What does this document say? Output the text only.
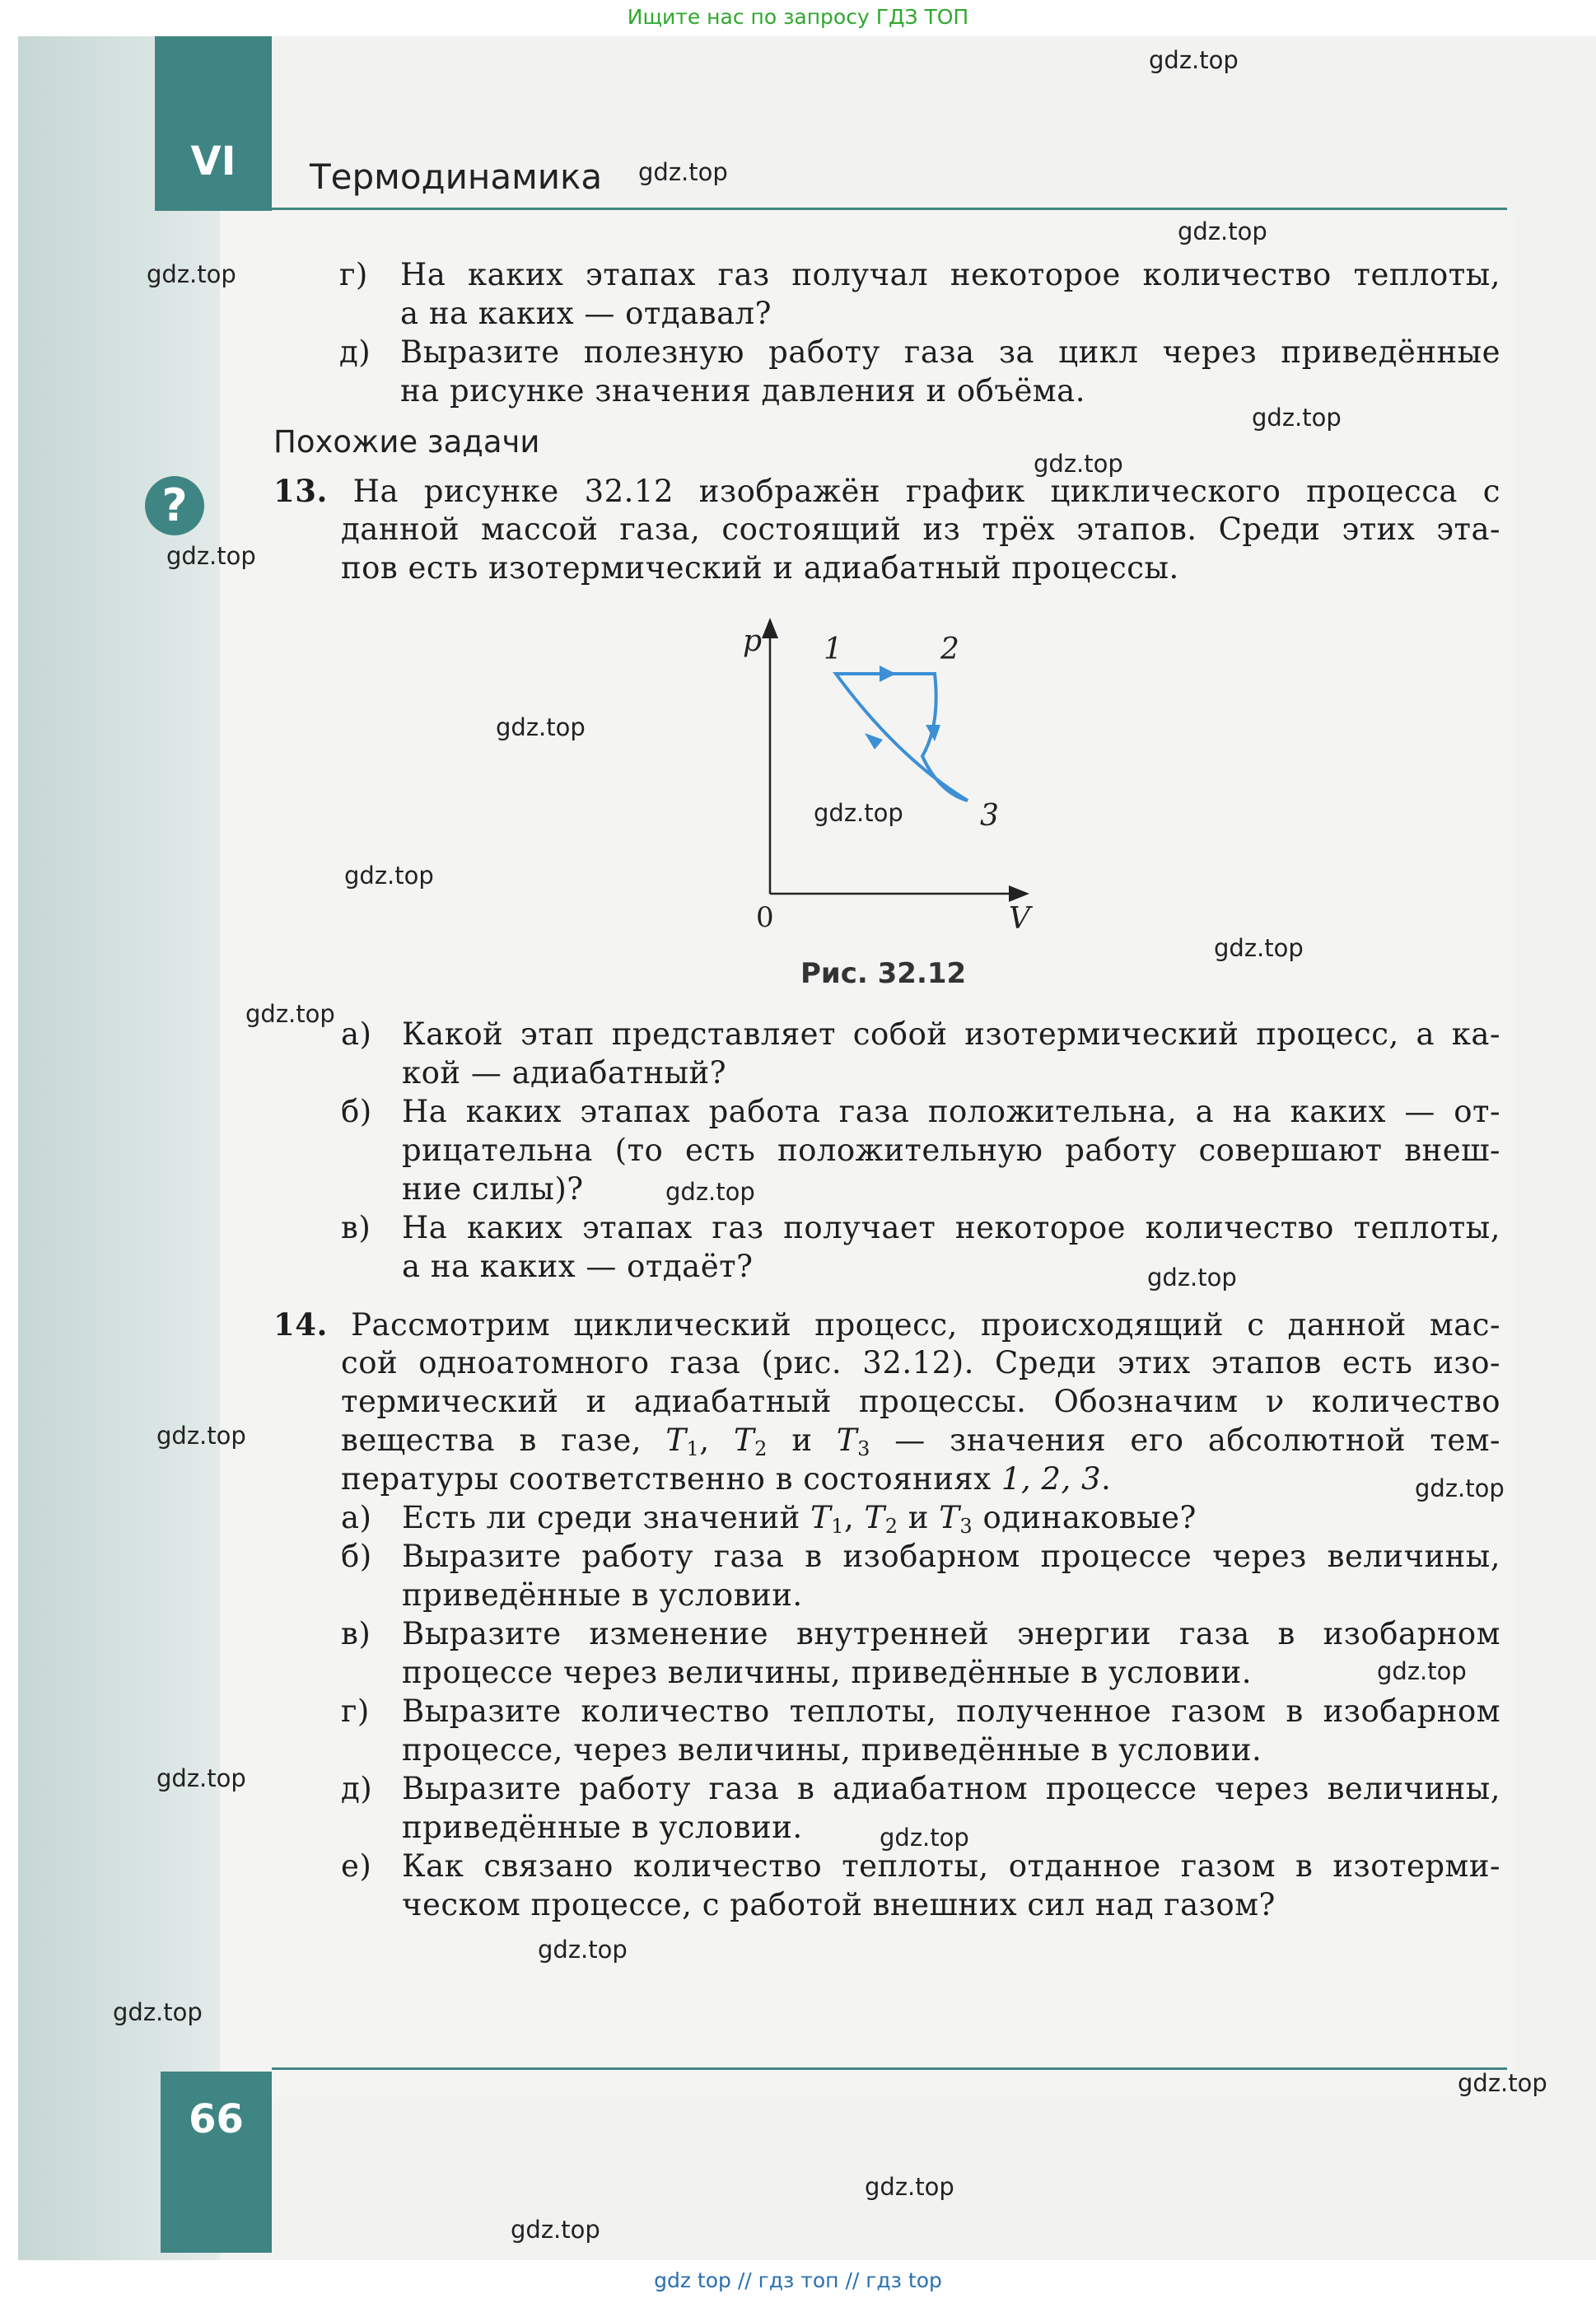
Ищите нас по запросу ГДЗ ТОП
VI	Термодинамика
г) На каких этапах газ получал некоторое количество теплоты,
а на каких — отдавал?
д) Выразите полезную работу газа за цикл через приведённые
на рисунке значения давления и объёма.
Похожие задачи
?	13. На рисунке 32.12 изображён график циклического процесса с
данной массой газа, состоящий из трёх этапов. Среди этих эта-
пов есть изотермический и адиабатный процессы.
p
V
0
1	2
3
Рис. 32.12
а) Какой этап представляет собой изотермический процесс, а ка-
кой — адиабатный?
б) На каких этапах работа газа положительна, а на каких — от-
рицательна (то есть положительную работу совершают внеш-
ние силы)?
в) На каких этапах газ получает некоторое количество теплоты,
а на каких — отдаёт?
14. Рассмотрим циклический процесс, происходящий с данной мас-
сой одноатомного газа (рис. 32.12). Среди этих этапов есть изо-
термический и адиабатный процессы. Обозначим ν количество
вещества в газе, $T_1$, $T_2$ и $T_3$ — значения его абсолютной тем-
пературы соответственно в состояниях 1, 2, 3.
а) Есть ли среди значений $T_1$, $T_2$ и $T_3$ одинаковые?
б) Выразите работу газа в изобарном процессе через величины,
приведённые в условии.
в) Выразите изменение внутренней энергии газа в изобарном
процессе через величины, приведённые в условии.
г) Выразите количество теплоты, полученное газом в изобарном
процессе, через величины, приведённые в условии.
д) Выразите работу газа в адиабатном процессе через величины,
приведённые в условии.
е) Как связано количество теплоты, отданное газом в изотерми-
ческом процессе, с работой внешних сил над газом?
66
gdz.top
gdz.top
gdz.top
gdz.top
gdz.top
gdz.top
gdz.top
gdz.top
gdz.top
gdz.top
gdz.top
gdz.top
gdz.top
gdz.top
gdz.top
gdz.top
gdz.top
gdz.top
gdz.top
gdz.top
gdz.top
gdz.top
gdz.top
gdz.top
gdz top // гдз топ // гдз top
